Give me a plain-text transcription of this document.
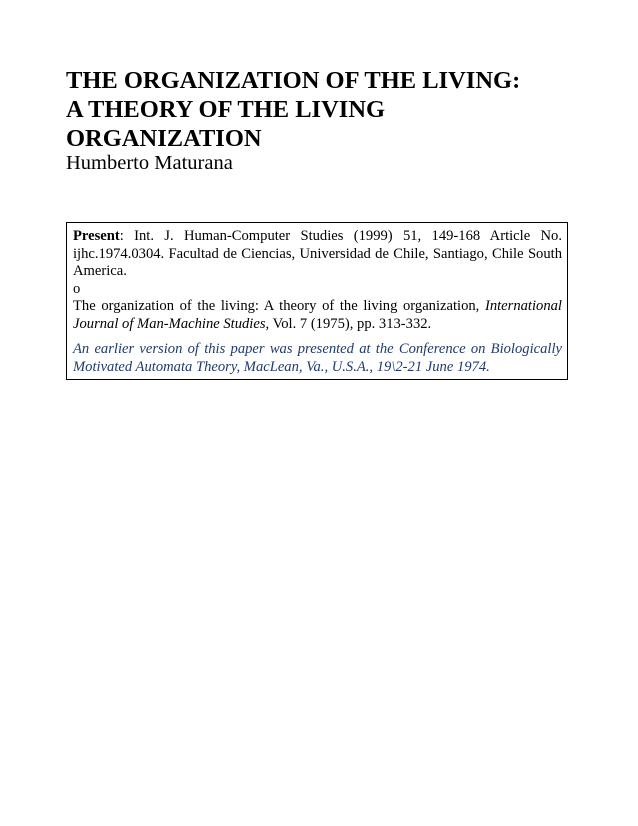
THE ORGANIZATION OF THE LIVING:
A THEORY OF THE LIVING
ORGANIZATION
Humberto Maturana

Present: Int. J. Human-Computer Studies (1999) 51, 149-168 Article No. ijhc.1974.0304. Facultad de Ciencias, Universidad de Chile, Santiago, Chile South America.

o

The organization of the living: A theory of the living organization, International Journal of Man-Machine Studies, Vol. 7 (1975), pp. 313-332.

An earlier version of this paper was presented at the Conference on Biologically Motivated Automata Theory, MacLean, Va., U.S.A., 19\2-21 June 1974.
